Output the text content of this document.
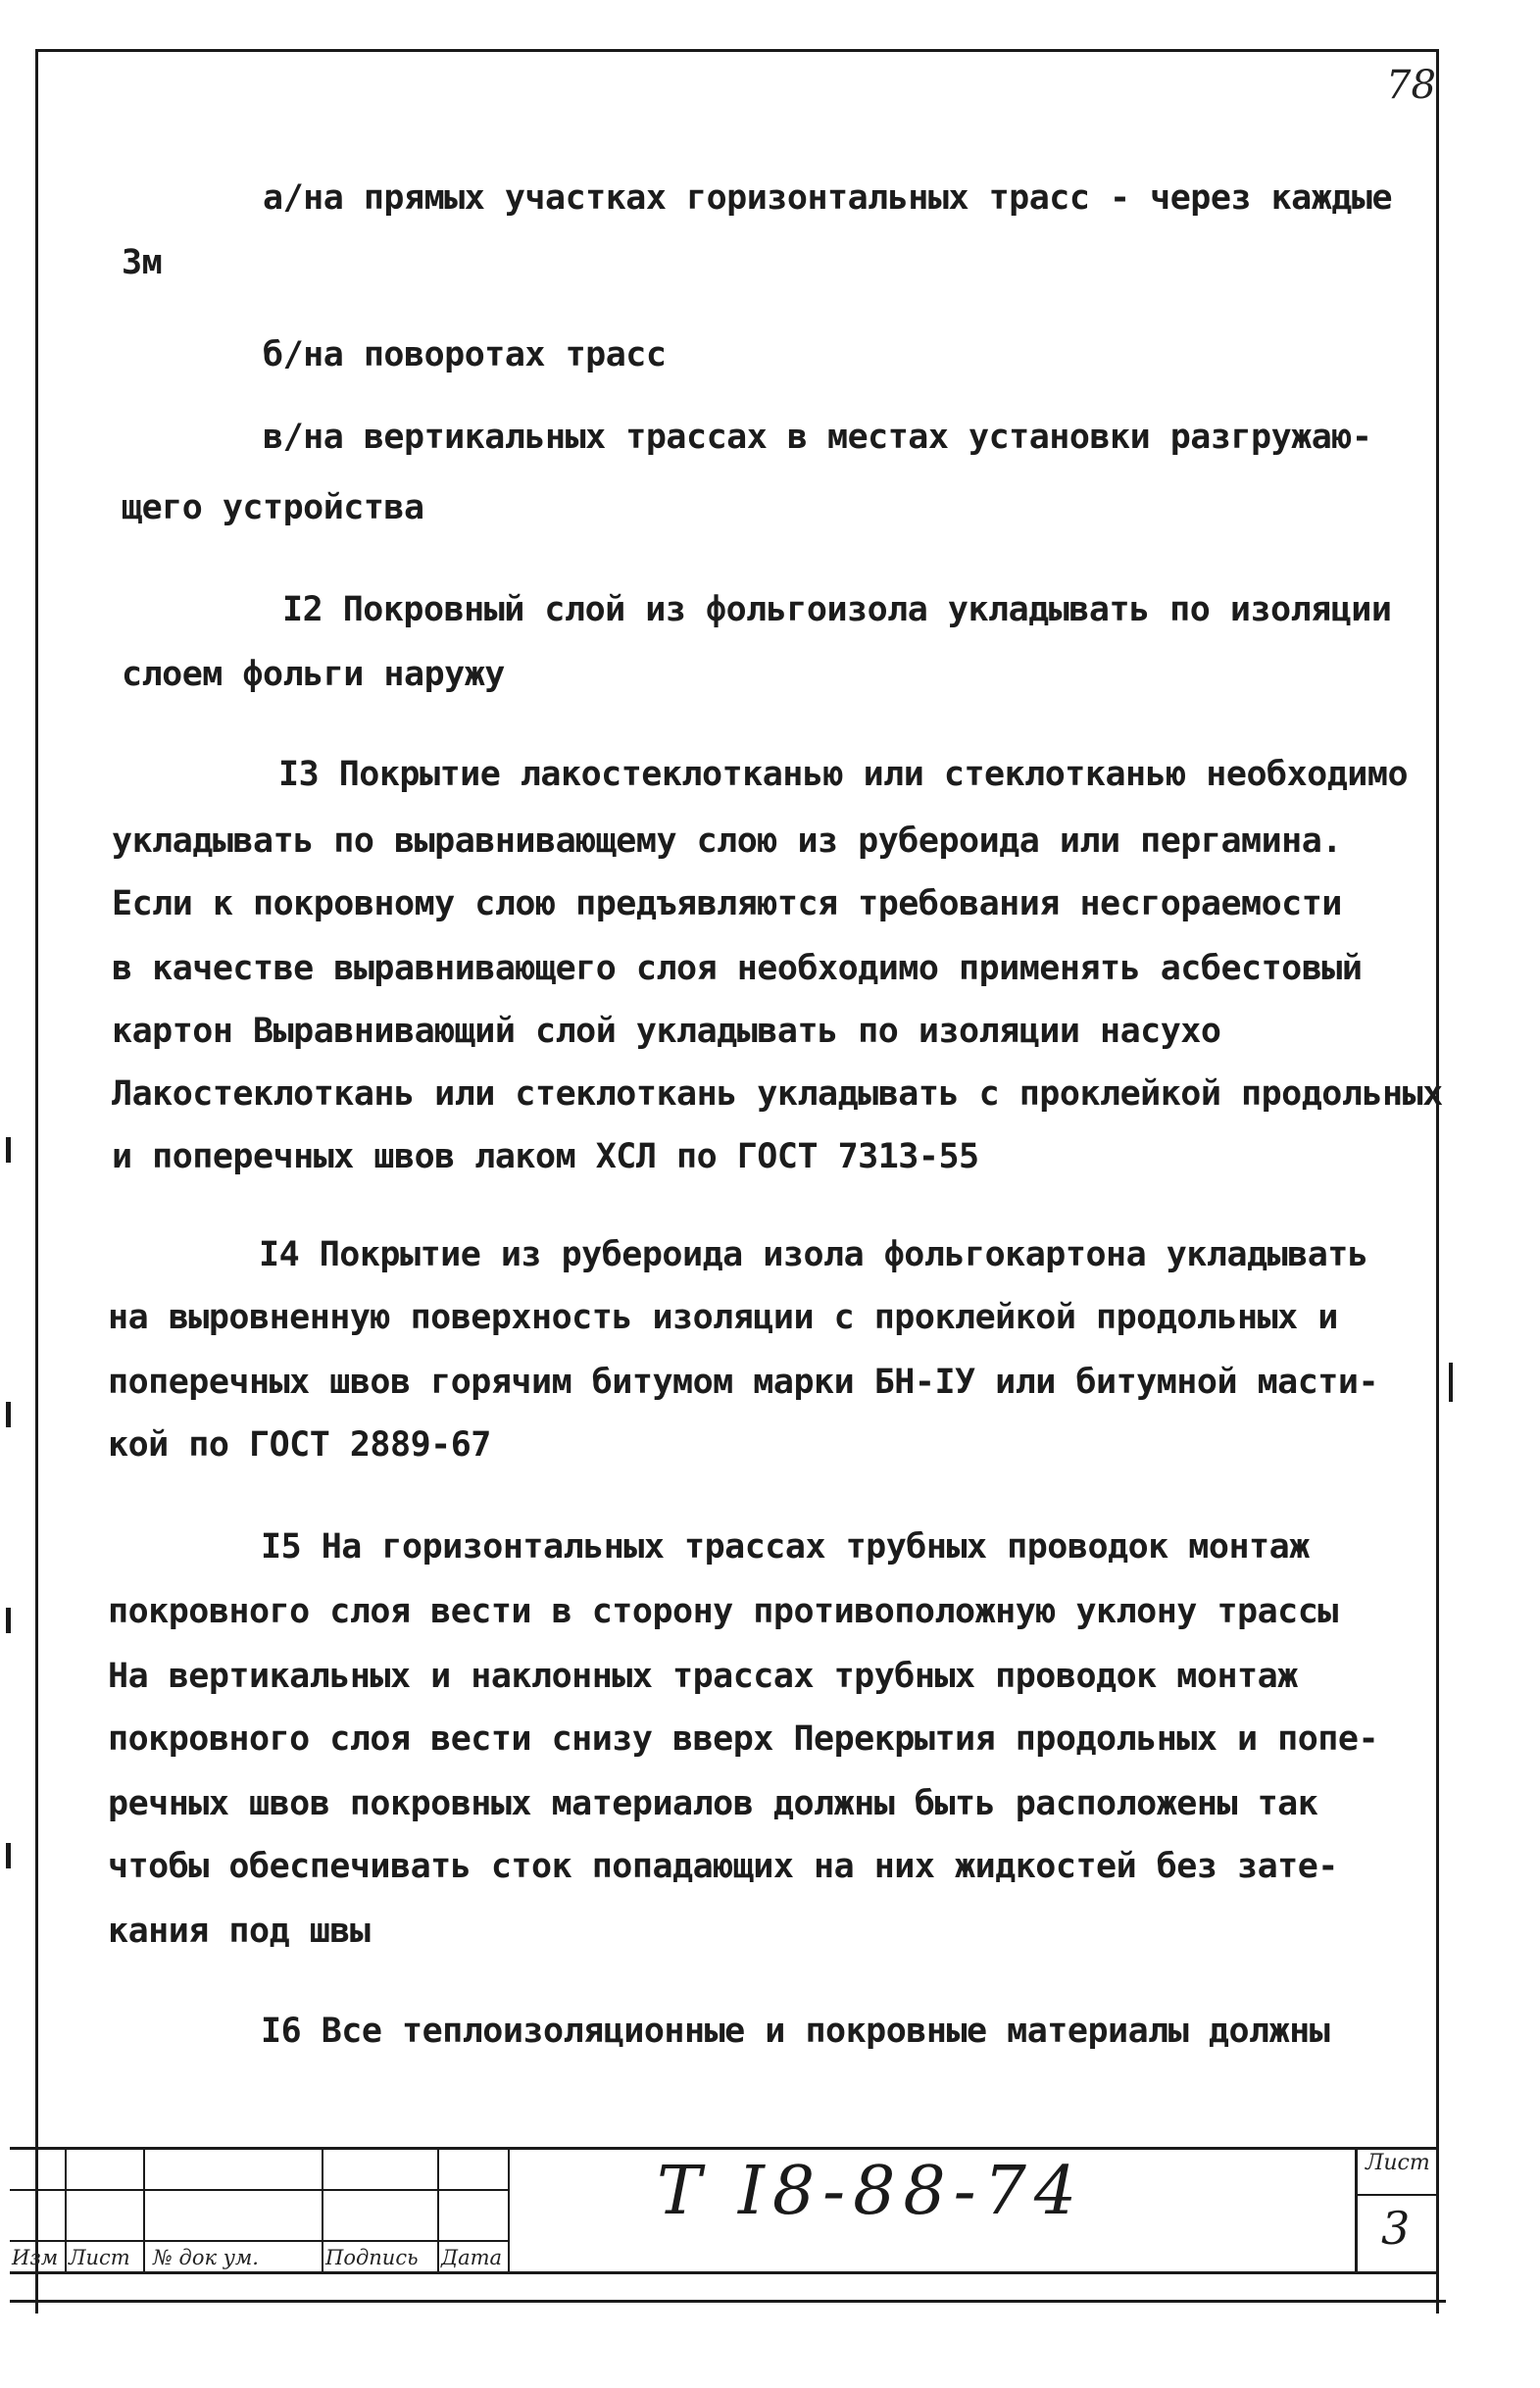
78
а/на прямых участках горизонтальных трасс - через каждые
3м
б/на поворотах трасс
в/на вертикальных трассах в местах установки разгружаю-
щего устройства
I2 Покровный слой из фольгоизола укладывать по изоляции
слоем фольги наружу
I3 Покрытие лакостеклотканью или стеклотканью необходимо
укладывать по выравнивающему слою из рубероида или пергамина.
Если к покровному слою предъявляются требования несгораемости
в качестве выравнивающего слоя необходимо применять асбестовый
картон Выравнивающий слой укладывать по изоляции насухо
Лакостеклоткань или стеклоткань укладывать с проклейкой продольных
и поперечных швов лаком ХСЛ по ГОСТ 7313-55
I4 Покрытие из рубероида изола фольгокартона укладывать
на выровненную поверхность изоляции с проклейкой продольных и
поперечных швов горячим битумом марки БН-IУ или битумной масти-
кой по ГОСТ 2889-67
I5 На горизонтальных трассах трубных проводок монтаж
покровного слоя вести в сторону противоположную уклону трассы
На вертикальных и наклонных трассах трубных проводок монтаж
покровного слоя вести снизу вверх Перекрытия продольных и попе-
речных швов покровных материалов должны быть расположены так
чтобы обеспечивать сток попадающих на них жидкостей без зате-
кания под швы
I6 Все теплоизоляционные и покровные материалы должны
Изм Лист № док ум.	Подпись Дата
Т I8-88-74	Лист
3
